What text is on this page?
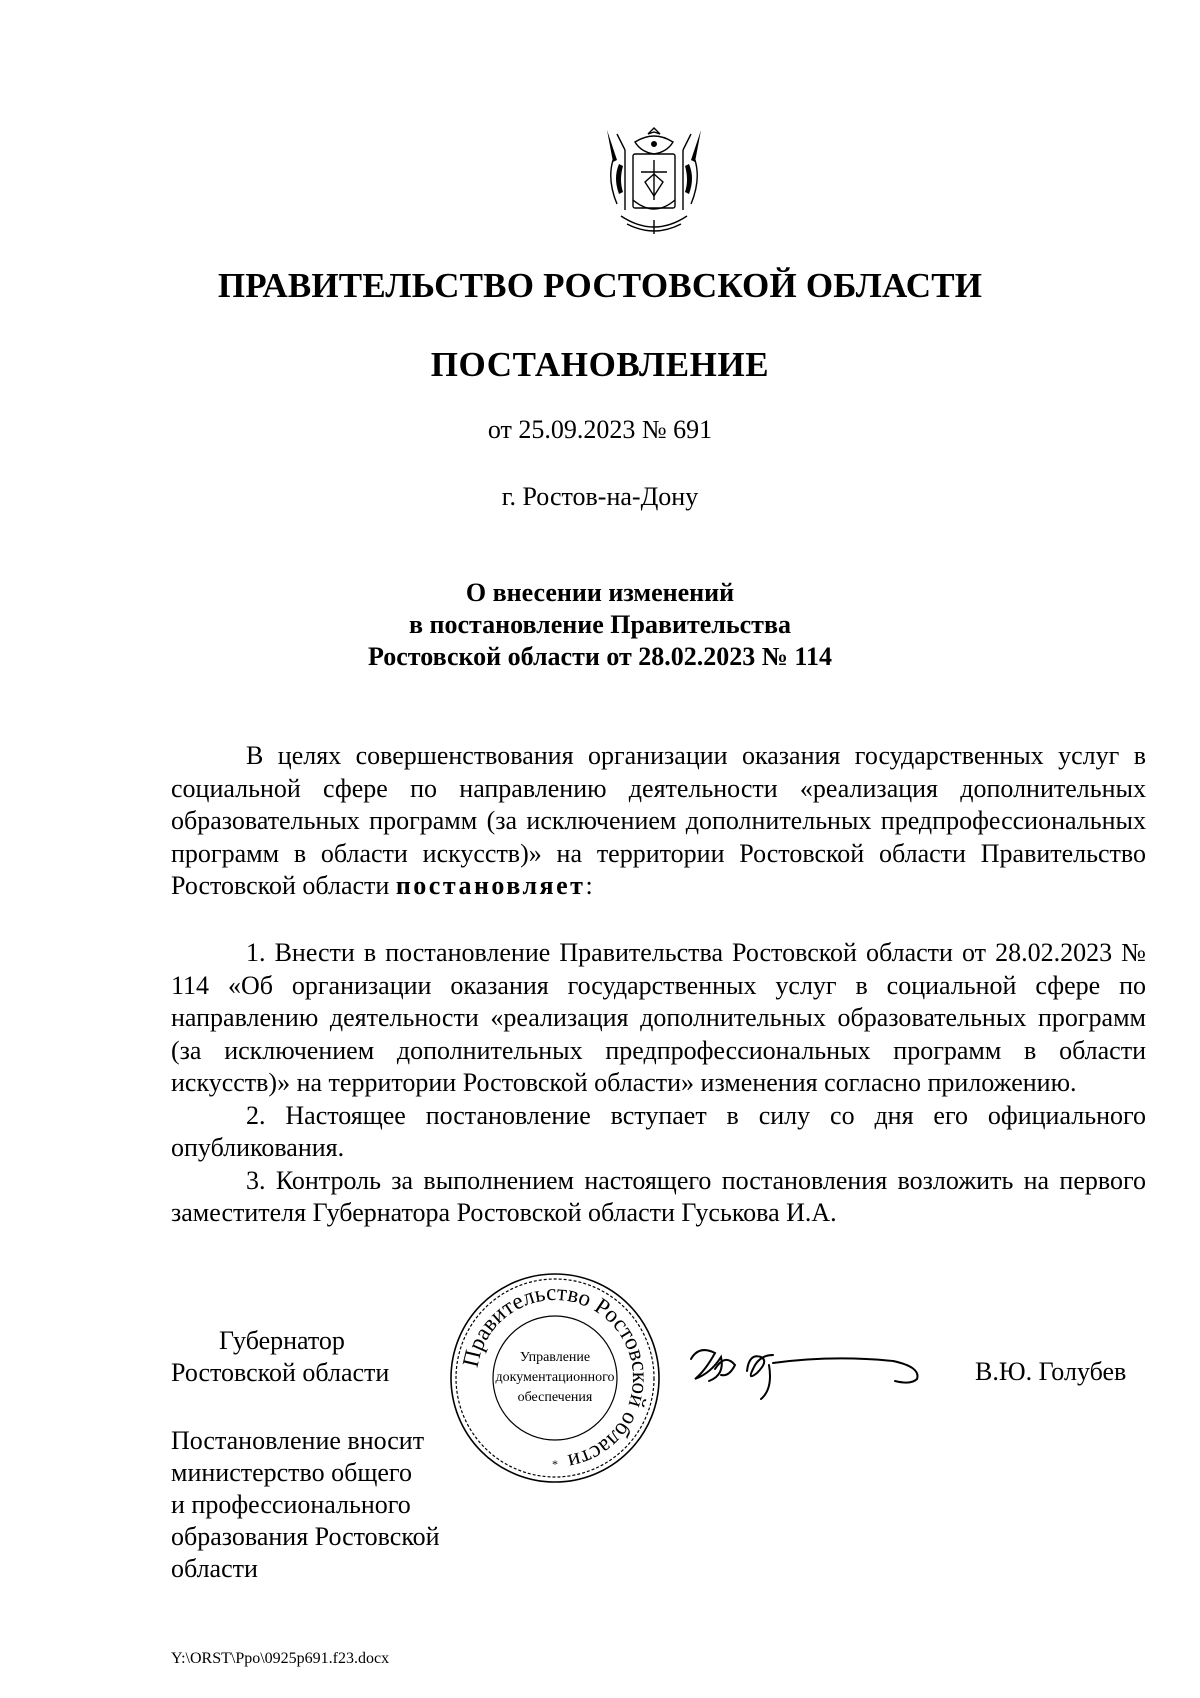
ПРАВИТЕЛЬСТВО РОСТОВСКОЙ ОБЛАСТИ
ПОСТАНОВЛЕНИЕ
от 25.09.2023 № 691
г. Ростов-на-Дону
О внесении изменений
в постановление Правительства
Ростовской области от 28.02.2023 № 114

В целях совершенствования организации оказания государственных услуг в социальной сфере по направлению деятельности «реализация дополнительных образовательных программ (за исключением дополнительных предпрофессиональных программ в области искусств)» на территории Ростовской области Правительство Ростовской области постановляет:

1. Внести в постановление Правительства Ростовской области от 28.02.2023 № 114 «Об организации оказания государственных услуг в социальной сфере по направлению деятельности «реализация дополнительных образовательных программ (за исключением дополнительных предпрофессиональных программ в области искусств)» на территории Ростовской области» изменения согласно приложению.

2. Настоящее постановление вступает в силу со дня его официального опубликования.

3. Контроль за выполнением настоящего постановления возложить на первого заместителя Губернатора Ростовской области Гуськова И.А.

Губернатор
Ростовской области	Правительство Ростовской области
Управление
документационного
обеспечения
*
В.Ю. Голубев
Постановление вносит
министерство общего
и профессионального
образования Ростовской
области
Y:\ORST\Ppo\0925p691.f23.docx
